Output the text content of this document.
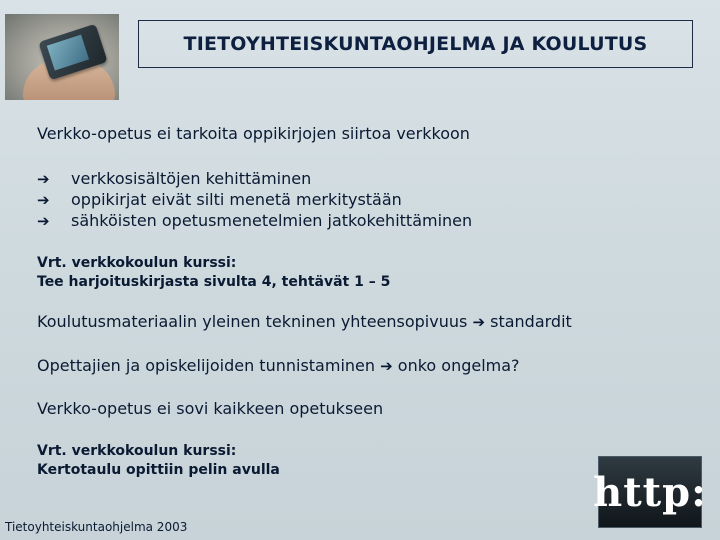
TIETOYHTEISKUNTAOHJELMA JA KOULUTUS
Verkko-opetus ei tarkoita oppikirjojen siirtoa verkkoon
➔ verkkosisältöjen kehittäminen
➔ oppikirjat eivät silti menetä merkitystään
➔ sähköisten opetusmenetelmien jatkokehittäminen
Vrt. verkkokoulun kurssi:
Tee harjoituskirjasta sivulta 4, tehtävät 1 – 5
Koulutusmateriaalin yleinen tekninen yhteensopivuus ➔ standardit
Opettajien ja opiskelijoiden tunnistaminen ➔ onko ongelma?
Verkko-opetus ei sovi kaikkeen opetukseen
Vrt. verkkokoulun kurssi:
Kertotaulu opittiin pelin avulla
Tietoyhteiskuntaohjelma 2003
http:
